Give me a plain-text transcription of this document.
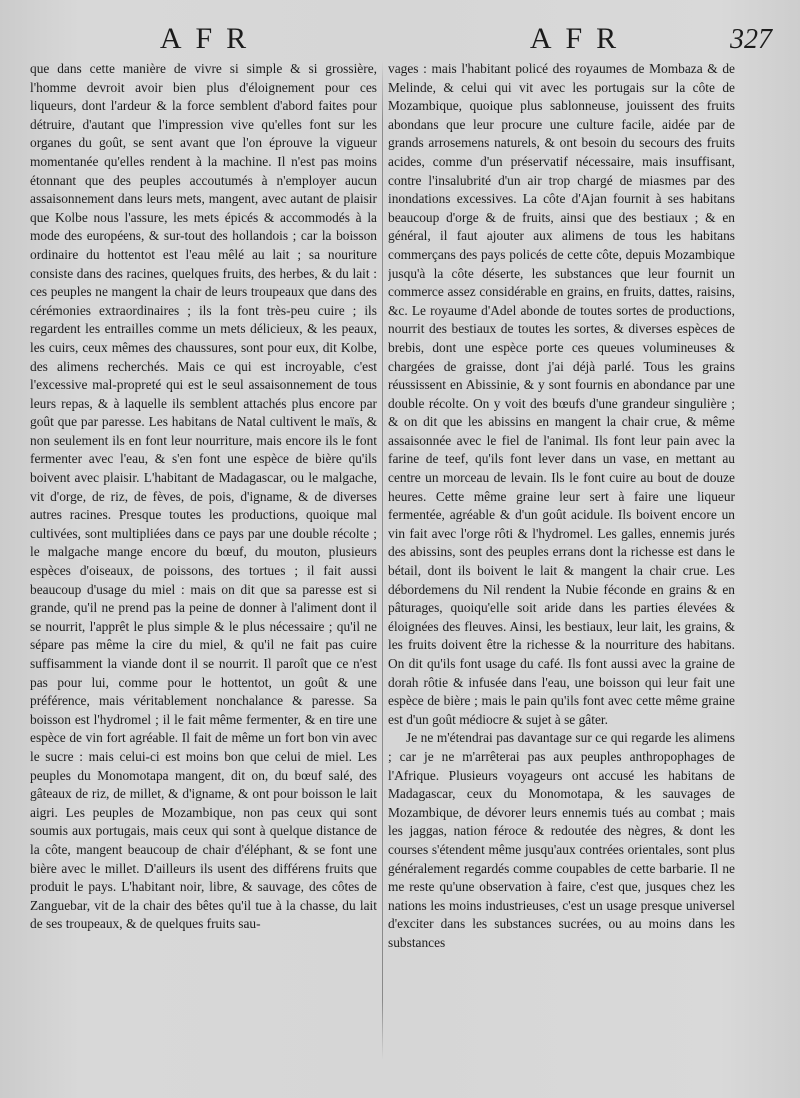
AFR	AFR	327

que dans cette manière de vivre si simple & si grossière, l'homme devroit avoir bien plus d'éloignement pour ces liqueurs, dont l'ardeur & la force semblent d'abord faites pour détruire, d'autant que l'impression vive qu'elles font sur les organes du goût, se sent avant que l'on éprouve la vigueur momentanée qu'elles rendent à la machine. Il n'est pas moins étonnant que des peuples accoutumés à n'employer aucun assaisonnement dans leurs mets, mangent, avec autant de plaisir que Kolbe nous l'assure, les mets épicés & accommodés à la mode des européens, & sur-tout des hollandois ; car la boisson ordinaire du hottentot est l'eau mêlé au lait ; sa nouriture consiste dans des racines, quelques fruits, des herbes, & du lait : ces peuples ne mangent la chair de leurs troupeaux que dans des cérémonies extraordinaires ; ils la font très-peu cuire ; ils regardent les entrailles comme un mets délicieux, & les peaux, les cuirs, ceux mêmes des chaussures, sont pour eux, dit Kolbe, des alimens recherchés. Mais ce qui est incroyable, c'est l'excessive mal-propreté qui est le seul assaisonnement de tous leurs repas, & à laquelle ils semblent attachés plus encore par goût que par paresse. Les habitans de Natal cultivent le maïs, & non seulement ils en font leur nourriture, mais encore ils le font fermenter avec l'eau, & s'en font une espèce de bière qu'ils boivent avec plaisir. L'habitant de Madagascar, ou le malgache, vit d'orge, de riz, de fèves, de pois, d'igname, & de diverses autres racines. Presque toutes les productions, quoique mal cultivées, sont multipliées dans ce pays par une double récolte ; le malgache mange encore du bœuf, du mouton, plusieurs espèces d'oiseaux, de poissons, des tortues ; il fait aussi beaucoup d'usage du miel : mais on dit que sa paresse est si grande, qu'il ne prend pas la peine de donner à l'aliment dont il se nourrit, l'apprêt le plus simple & le plus nécessaire ; qu'il ne sépare pas même la cire du miel, & qu'il ne fait pas cuire suffisamment la viande dont il se nourrit. Il paroît que ce n'est pas pour lui, comme pour le hottentot, un goût & une préférence, mais véritablement nonchalance & paresse. Sa boisson est l'hydromel ; il le fait même fermenter, & en tire une espèce de vin fort agréable. Il fait de même un fort bon vin avec le sucre : mais celui-ci est moins bon que celui de miel. Les peuples du Monomotapa mangent, dit on, du bœuf salé, des gâteaux de riz, de millet, & d'igname, & ont pour boisson le lait aigri. Les peuples de Mozambique, non pas ceux qui sont soumis aux portugais, mais ceux qui sont à quelque distance de la côte, mangent beaucoup de chair d'éléphant, & se font une bière avec le millet. D'ailleurs ils usent des différens fruits que produit le pays. L'habitant noir, libre, & sauvage, des côtes de Zanguebar, vit de la chair des bêtes qu'il tue à la chasse, du lait de ses troupeaux, & de quelques fruits sau-

vages : mais l'habitant policé des royaumes de Mombaza & de Melinde, & celui qui vit avec les portugais sur la côte de Mozambique, quoique plus sablonneuse, jouissent des fruits abondans que leur procure une culture facile, aidée par de grands arrosemens naturels, & ont besoin du secours des fruits acides, comme d'un préservatif nécessaire, mais insuffisant, contre l'insalubrité d'un air trop chargé de miasmes par des inondations excessives. La côte d'Ajan fournit à ses habitans beaucoup d'orge & de fruits, ainsi que des bestiaux ; & en général, il faut ajouter aux alimens de tous les habitans commerçans des pays policés de cette côte, depuis Mozambique jusqu'à la côte déserte, les substances que leur fournit un commerce assez considérable en grains, en fruits, dattes, raisins, &c. Le royaume d'Adel abonde de toutes sortes de productions, nourrit des bestiaux de toutes les sortes, & diverses espèces de brebis, dont une espèce porte ces queues volumineuses & chargées de graisse, dont j'ai déjà parlé. Tous les grains réussissent en Abissinie, & y sont fournis en abondance par une double récolte. On y voit des bœufs d'une grandeur singulière ; & on dit que les abissins en mangent la chair crue, & même assaisonnée avec le fiel de l'animal. Ils font leur pain avec la farine de teef, qu'ils font lever dans un vase, en mettant au centre un morceau de levain. Ils le font cuire au bout de douze heures. Cette même graine leur sert à faire une liqueur fermentée, agréable & d'un goût acidule. Ils boivent encore un vin fait avec l'orge rôti & l'hydromel. Les galles, ennemis jurés des abissins, sont des peuples errans dont la richesse est dans le bétail, dont ils boivent le lait & mangent la chair crue. Les débordemens du Nil rendent la Nubie féconde en grains & en pâturages, quoiqu'elle soit aride dans les parties élevées & éloignées des fleuves. Ainsi, les bestiaux, leur lait, les grains, & les fruits doivent être la richesse & la nourriture des habitans. On dit qu'ils font usage du café. Ils font aussi avec la graine de dorah rôtie & infusée dans l'eau, une boisson qui leur fait une espèce de bière ; mais le pain qu'ils font avec cette même graine est d'un goût médiocre & sujet à se gâter.

Je ne m'étendrai pas davantage sur ce qui regarde les alimens ; car je ne m'arrêterai pas aux peuples anthropophages de l'Afrique. Plusieurs voyageurs ont accusé les habitans de Madagascar, ceux du Monomotapa, & les sauvages de Mozambique, de dévorer leurs ennemis tués au combat ; mais les jaggas, nation féroce & redoutée des nègres, & dont les courses s'étendent même jusqu'aux contrées orientales, sont plus généralement regardés comme coupables de cette barbarie. Il ne me reste qu'une observation à faire, c'est que, jusques chez les nations les moins industrieuses, c'est un usage presque universel d'exciter dans les substances sucrées, ou au moins dans les substances
